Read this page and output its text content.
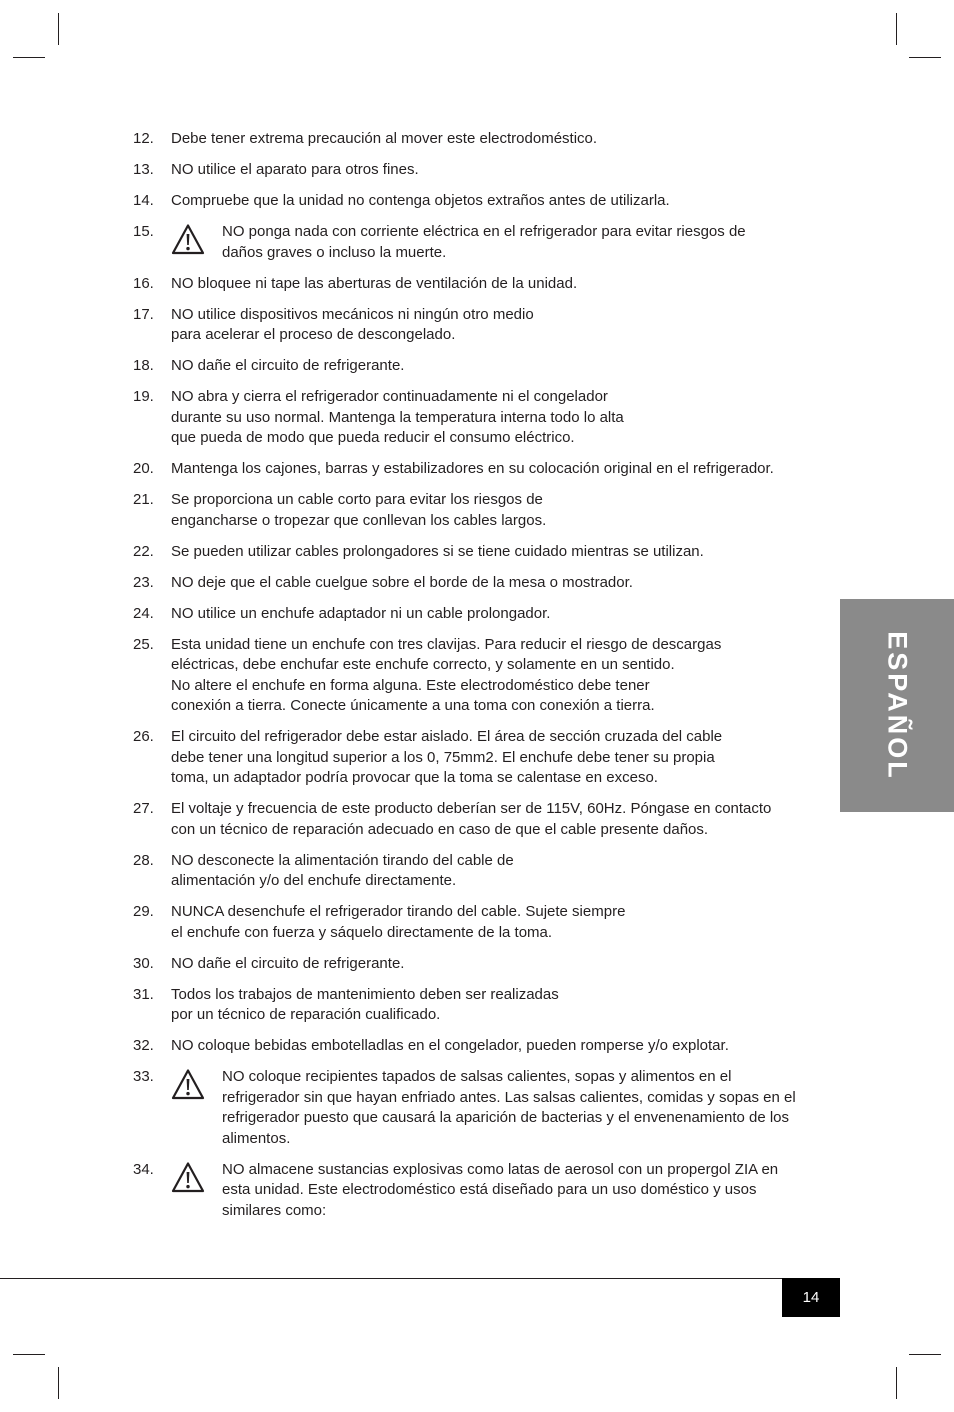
12.	Debe tener extrema precaución al mover este electrodoméstico.
13.	NO utilice el aparato para otros fines.
14.	Compruebe que la unidad no contenga objetos extraños antes de utilizarla.
15.	NO ponga nada con corriente eléctrica en el refrigerador para evitar riesgos de
daños graves o incluso la muerte.
16.	NO bloquee ni tape las aberturas de ventilación de la unidad.
17.	NO utilice dispositivos mecánicos ni ningún otro medio
para acelerar el proceso de descongelado.
18.	NO dañe el circuito de refrigerante.
19.	NO abra y cierra el refrigerador continuadamente ni el congelador
durante su uso normal. Mantenga la temperatura interna todo lo alta
que pueda de modo que pueda reducir el consumo eléctrico.
20.	Mantenga los cajones, barras y estabilizadores en su colocación original en el refrigerador.
21.	Se proporciona un cable corto para evitar los riesgos de
engancharse o tropezar que conllevan los cables largos.
22.	Se pueden utilizar cables prolongadores si se tiene cuidado mientras se utilizan.
23.	NO deje que el cable cuelgue sobre el borde de la mesa o mostrador.
24.	NO utilice un enchufe adaptador ni un cable prolongador.
25.	Esta unidad tiene un enchufe con tres clavijas. Para reducir el riesgo de descargas
eléctricas, debe enchufar este enchufe correcto, y solamente en un sentido.
No altere el enchufe en forma alguna. Este electrodoméstico debe tener
conexión a tierra. Conecte únicamente a una toma con conexión a tierra.
26.	El circuito del refrigerador debe estar aislado. El área de sección cruzada del cable
debe tener una longitud superior a los 0, 75mm2. El enchufe debe tener su propia
toma, un adaptador podría provocar que la toma se calentase en exceso.
27.	El voltaje y frecuencia de este producto deberían ser de 115V, 60Hz. Póngase en contacto
con un técnico de reparación adecuado en caso de que el cable presente daños.
28.	NO desconecte la alimentación tirando del cable de
alimentación y/o del enchufe directamente.
29.	NUNCA desenchufe el refrigerador tirando del cable. Sujete siempre
el enchufe con fuerza y sáquelo directamente de la toma.
30.	NO dañe el circuito de refrigerante.
31.	Todos los trabajos de mantenimiento deben ser realizadas
por un técnico de reparación cualificado.
32.	NO coloque bebidas embotelladlas en el congelador, pueden romperse y/o explotar.
33.	NO coloque recipientes tapados de salsas calientes, sopas y alimentos en el
refrigerador sin que hayan enfriado antes. Las salsas calientes, comidas y sopas en el
refrigerador puesto que causará la aparición de bacterias y el envenenamiento de los
alimentos.
34.	NO almacene sustancias explosivas como latas de aerosol con un propergol ZIA en
esta unidad. Este electrodoméstico está diseñado para un uso doméstico y usos
similares como:
ESPAÑOL
14
